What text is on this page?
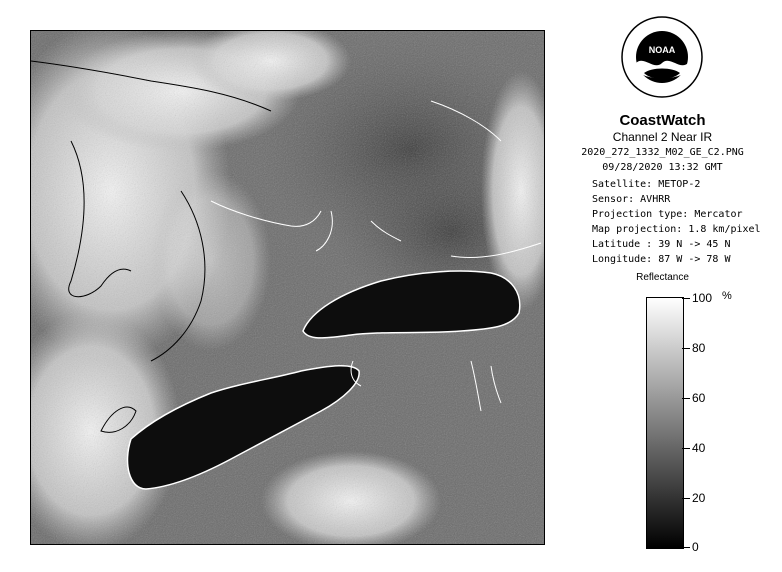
NOAA
CoastWatch
Channel 2 Near IR
2020_272_1332_M02_GE_C2.PNG
09/28/2020 13:32 GMT
Satellite: METOP-2
Sensor: AVHRR
Projection type: Mercator
Map projection: 1.8 km/pixel
Latitude : 39 N -> 45 N
Longitude: 87 W -> 78 W
Reflectance
%
100
80
60
40
20
0
